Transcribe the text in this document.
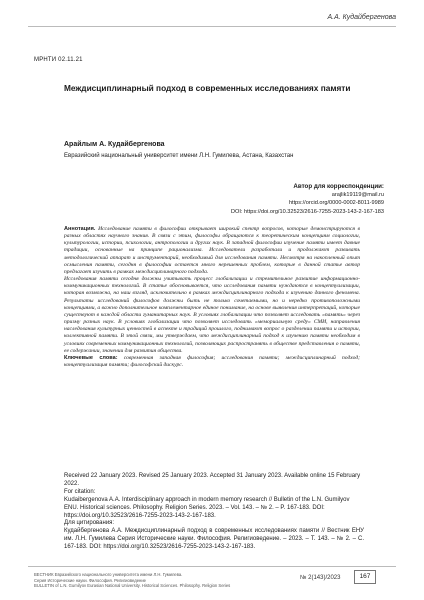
А.А. Кудайбергенова
МРНТИ 02.11.21
Междисциплинарный подход в современных исследованиях памяти
Арайлым А. Кудайбергенова
Евразийский национальный университет имени Л.Н. Гумилева, Астана, Казахстан
Автор для корреспонденции:
arajlik19119@mail.ru
https://orcid.org/0000-0002-8011-9989
DOI: https://doi.org/10.32523/2616-7255-2023-143-2-167-183

Аннотация. Исследование памяти в философии открывает широкий спектр вопросов, которые демонстрируются в разных областях научного знания. В связи с этим, философы обращаются к теоретическим концепциям социологии, культурологии, истории, психологии, антропологии и других наук. В западной философии изучение памяти имеет давние традиции, основанные на принципе рационализма. Исследователи разработали и продолжают развивать методологический аппарат и инструментарий, необходимый для исследования памяти. Несмотря на накопленный опыт осмысления памяти, сегодня в философии остается много нерешенных проблем, которые в данной статье автор предлагает изучить в рамках междисциплинарного подхода.

Исследования памяти сегодня должны учитывать процесс глобализации и стремительное развитие информационно-коммуникационных технологий. В статье обосновывается, что исследования памяти нуждаются в концептуализации, которая возможна, на наш взгляд, исключительно в рамках междисциплинарного подхода к изучению данного феномена. Результаты исследований философов должны быть не только сочетаемыми, но и нередко противоположными концепциями, а важно дополнительное комплементарное единое понимание, на основе выявления интерпретаций, которые существуют в каждой области гуманитарных наук. В условиях глобализации что позволяет исследовать «память» через призму разных наук. В условиях глобализации что позволяет исследовать «мемориальную среду» СМИ, направления наследования культурных ценностей в аспекте и традиций прошлого, поднимают вопрос о разделении памяти и истории, коллективной памяти. В этой связи, мы утверждаем, что междисциплинарный подход к изучению памяти необходим в условиях современных коммуникационных технологий, позволяющих распространять в обществе представления о памяти, ее содержании, значении для развития общества.

Ключевые слова: современная западная философия; исследования памяти; междисциплинарный подход; концептуализация памяти; философский дискурс.

Received 22 January 2023. Revised 25 January 2023. Accepted 31 January 2023. Available online 15 February 2022.
For citation:
Kudaibergenova A.A. Interdisciplinary approach in modern memory research // Bulletin of the L.N. Gumilyov ENU. Historical sciences. Philosophy. Religion Series. 2023. – Vol. 143. – № 2. – P. 167-183. DOI: https://doi.org/10.32523/2616-7255-2023-143-2-167-183.
Для цитирования:
Кудайбергенова А.А. Междисциплинарный подход в современных исследованиях памяти // Вестник ЕНУ им. Л.Н. Гумилева Серия Исторические науки. Философия. Религиоведение. – 2023. – Т. 143. – № 2. – С. 167-183. DOI: https://doi.org/10.32523/2616-7255-2023-143-2-167-183.
ВЕСТНИК Евразийского национального университета имени Л.Н. Гумилева.
Серия Исторические науки. Философия. Религиоведение
BULLETIN of L.N. Gumilyov Eurasian National University. Historical Sciences. Philosophy. Religion Series
№ 2(143)/2023	167
